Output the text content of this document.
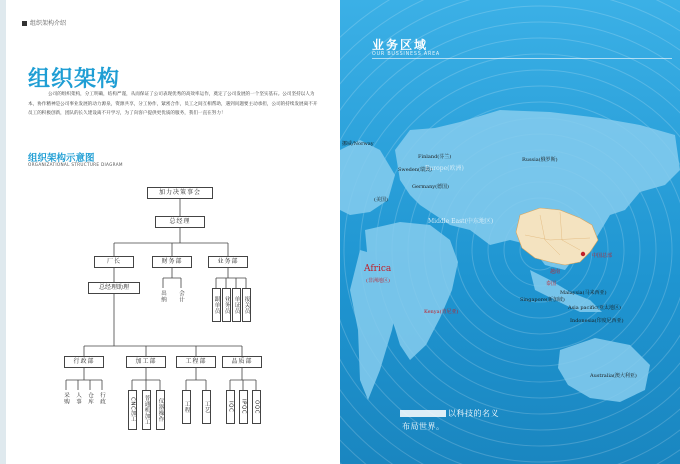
组织架构介绍
组织架构
公司的组织架构，分工明确，结构严谨，从而保证了公司表现优秀的高效率运作，奠定了公司发展的一个坚实基石。公司坚持以人为本，协作精神是公司事业发展的动力源泉，资源共享，分工协作，紧密合作，员工之间互相帮助，遇到问题要主动承担，公司的持续发展离不开员工的积极创新，团队的长久建设离不开学习，为了向客户提供更优质的服务，我们一直在努力！
组织架构示意图
ORGANIZATIONAL STRUCTURE DIAGRAM
加力决策事会
总经理
厂长	财务部	业务部
总经理助理
出纳 会计	跟单员 业务员 单证员 报关员
行政部	加工部	工程部	品质部
采购 人事 仓库 行政	CNC加工 普通机加工 仪器操作	工程	工艺	IQC IPQC OQC
业务区域
OUR BUSSINESS AREA
挪威/Norway
Finland(芬兰)	Russia(俄罗斯)
Sweden(瑞典)
Europe(欧洲)
Germany(德国)
(美国)
Middle East(中东地区)
Africa
(非洲地区)
中国总部
越南
泰国
Singapore(新加坡)
Malaysia(马来西亚)
Asia pacific(亚太地区)
Indonesia(印度尼西亚)
Kenya(肯尼亚)
Australia(澳大利亚)
以科技的名义
布局世界。
